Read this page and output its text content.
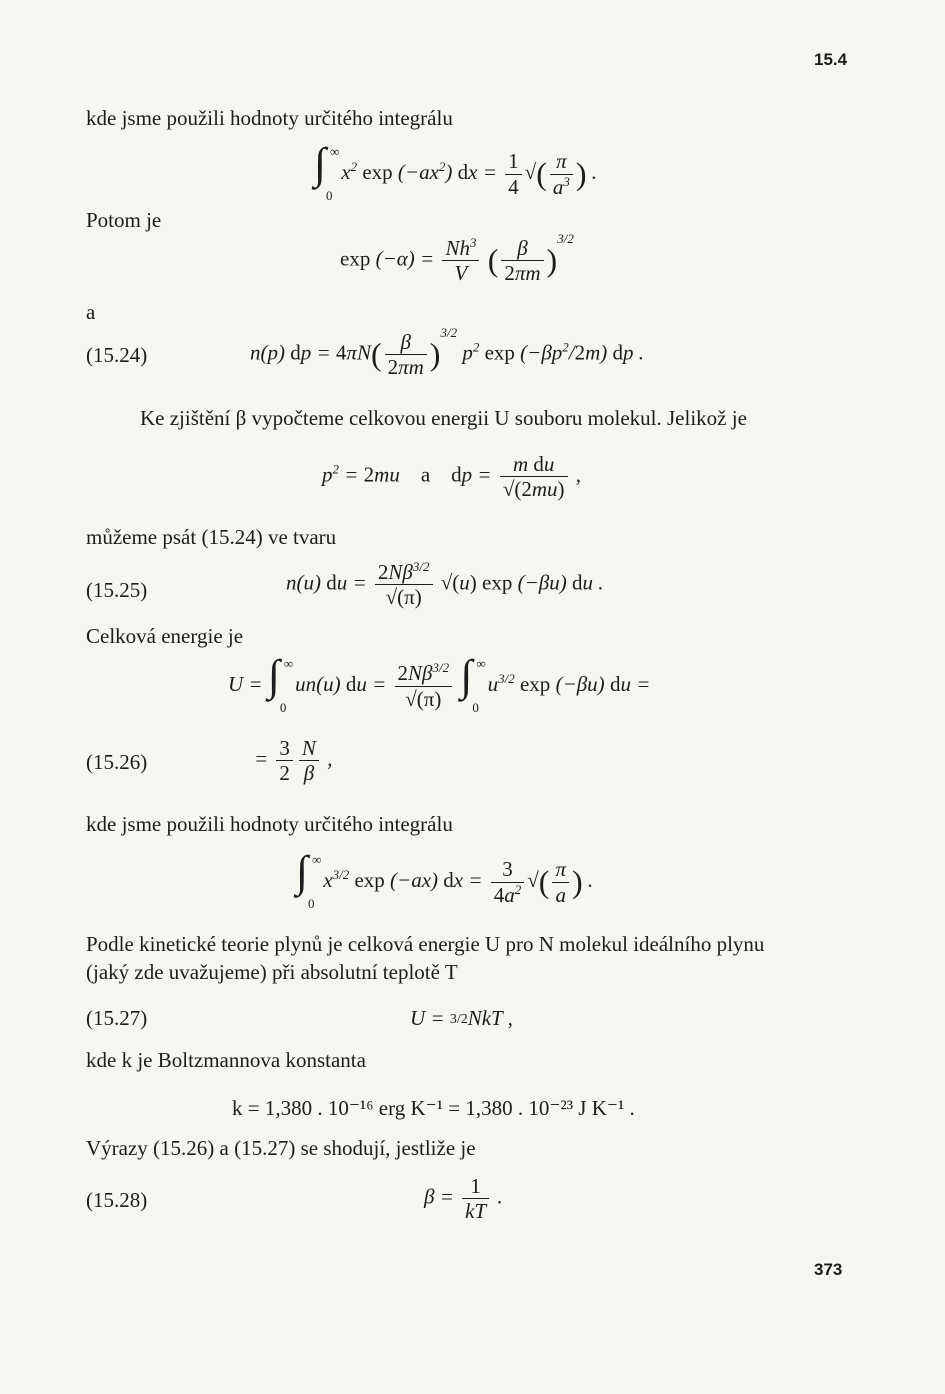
15.4
kde jsme použili hodnoty určitého integrálu
∫ ∞
0
$x^2$ $\exp (-ax^2)$ dx = $\frac{1}{4}$ √( $\frac{\pi}{a^3}$ ) .
Potom je
$\exp (-\alpha) = \frac{Nh^3}{V}$ ( $\frac{\beta}{2\pi m} )^{3/2}$
a
(15.24)	n(p) dp = $4\pi N( \frac{\beta}{2\pi m} )^{3/2}$ $p^2$ $\exp (-\beta p^2/2m)$ dp .
Ke zjištění β vypočteme celkovou energii U souboru molekul. Jelikož je
$p^2 = 2mu$    a dp = $\frac{\text{m du}}{√(2mu)}$ ,
můžeme psát (15.24) ve tvaru
(15.25)	n(u) du = $\frac{2N\beta^{3/2}}{√(\pi)} √(u)$ exp (−βu) du .
Celková energie je
U = ∫ ∞
0
un(u) du = $\frac{2N\beta^{3/2}}{√(\pi)}$
∫ ∞
0
$u^{3/2}$ exp (−βu) du =
(15.26)	= $\frac{3}{2} \frac{N}{\beta}$ ,
kde jsme použili hodnoty určitého integrálu
∫ ∞
0
$x^{3/2}$ exp (−ax) dx = $\frac{3}{4a^2}$ √( $\frac{\pi}{a}$ ) .
Podle kinetické teorie plynů je celková energie U pro N molekul ideálního plynu
(jaký zde uvažujeme) při absolutní teplotě T
(15.27)	U = 3/2NkT ,
kde k je Boltzmannova konstanta
k = 1,380 . 10⁻¹⁶ erg K⁻¹ = 1,380 . 10⁻²³ J K⁻¹ .
Výrazy (15.26) a (15.27) se shodují, jestliže je
(15.28)	$\beta = \frac{1}{kT}$ .
373
